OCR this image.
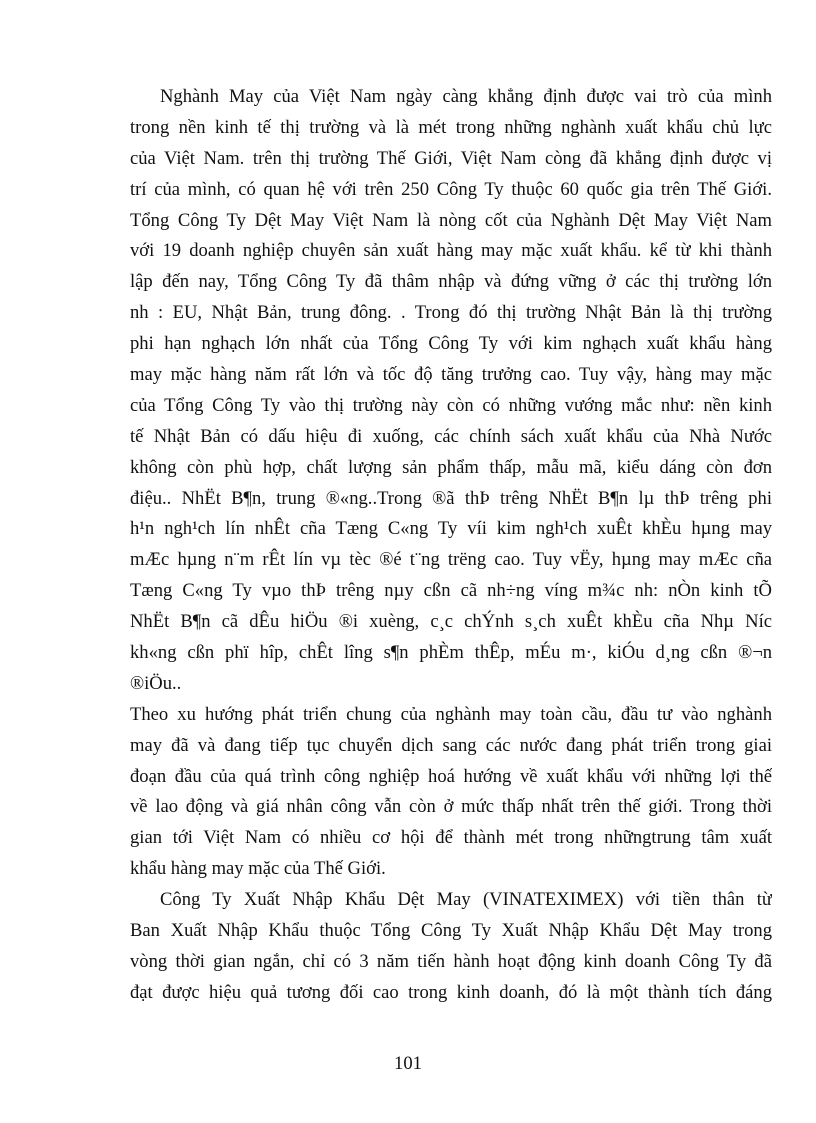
Nghành May của Việt Nam ngày càng khẳng định được vai trò của mình
trong nền kinh tế thị trường và là mét trong những nghành xuất khẩu chủ lực
của Việt Nam. trên thị trường Thế Giới, Việt Nam còng đã khẳng định được vị
trí của mình, có quan hệ với trên 250 Công Ty thuộc 60 quốc gia trên Thế Giới.
Tổng Công Ty Dệt May Việt Nam là nòng cốt của Nghành Dệt May Việt Nam
với 19 doanh nghiệp chuyên sản xuất hàng may mặc xuất khẩu. kể từ khi thành
lập đến nay, Tổng Công Ty đã thâm nhập và đứng vững ở các thị trường lớn
nh : EU, Nhật Bản, trung đông. . Trong đó thị trường Nhật Bản là thị trường
phi hạn nghạch lớn nhất của Tổng Công Ty với kim nghạch xuất khẩu hàng
may mặc hàng năm rất lớn và tốc độ tăng trưởng cao. Tuy vậy, hàng may mặc
của Tổng Công Ty vào thị trường này còn có những vướng mắc như: nền kinh
tế Nhật Bản có dấu hiệu đi xuống, các chính sách xuất khẩu của Nhà Nước
không còn phù hợp, chất lượng sản phẩm thấp, mẫu mã, kiểu dáng còn đơn
điệu.. NhËt B¶n, trung ®«ng..Trong ®ã thÞ trêng NhËt B¶n lµ thÞ trêng phi
h¹n ngh¹ch lín nhÊt cña Tæng C«ng Ty víi kim ngh¹ch xuÊt khÈu hµng may
mÆc hµng n¨m rÊt lín vµ tèc ®é t¨ng trëng cao. Tuy vËy, hµng may mÆc cña
Tæng C«ng Ty vµo thÞ trêng nµy cßn cã nh÷ng víng m¾c nh: nÒn kinh tÕ
NhËt B¶n cã dÊu hiÖu ®i xuèng, c¸c chÝnh s¸ch xuÊt khÈu cña Nhµ Níc
kh«ng cßn phï hîp, chÊt lîng s¶n phÈm thÊp, mÉu m·, kiÓu d¸ng cßn ®¬n
®iÖu..
Theo xu hướng phát triển chung của nghành may toàn cầu, đầu tư vào nghành
may đã và đang tiếp tục chuyển dịch sang các nước đang phát triển trong giai
đoạn đầu của quá trình công nghiệp hoá hướng về xuất khẩu với những lợi thế
về lao động và giá nhân công vẫn còn ở mức thấp nhất trên thế giới. Trong thời
gian tới Việt Nam có nhiều cơ hội để thành mét trong nhữngtrung tâm xuất
khẩu hàng may mặc của Thế Giới.
Công Ty Xuất Nhập Khẩu Dệt May (VINATEXIMEX) với tiền thân từ
Ban Xuất Nhập Khẩu thuộc Tổng Công Ty Xuất Nhập Khẩu Dệt May trong
vòng thời gian ngắn, chỉ có 3 năm tiến hành hoạt động kinh doanh Công Ty đã
đạt được hiệu quả tương đối cao trong kinh doanh, đó là một thành tích đáng
101
